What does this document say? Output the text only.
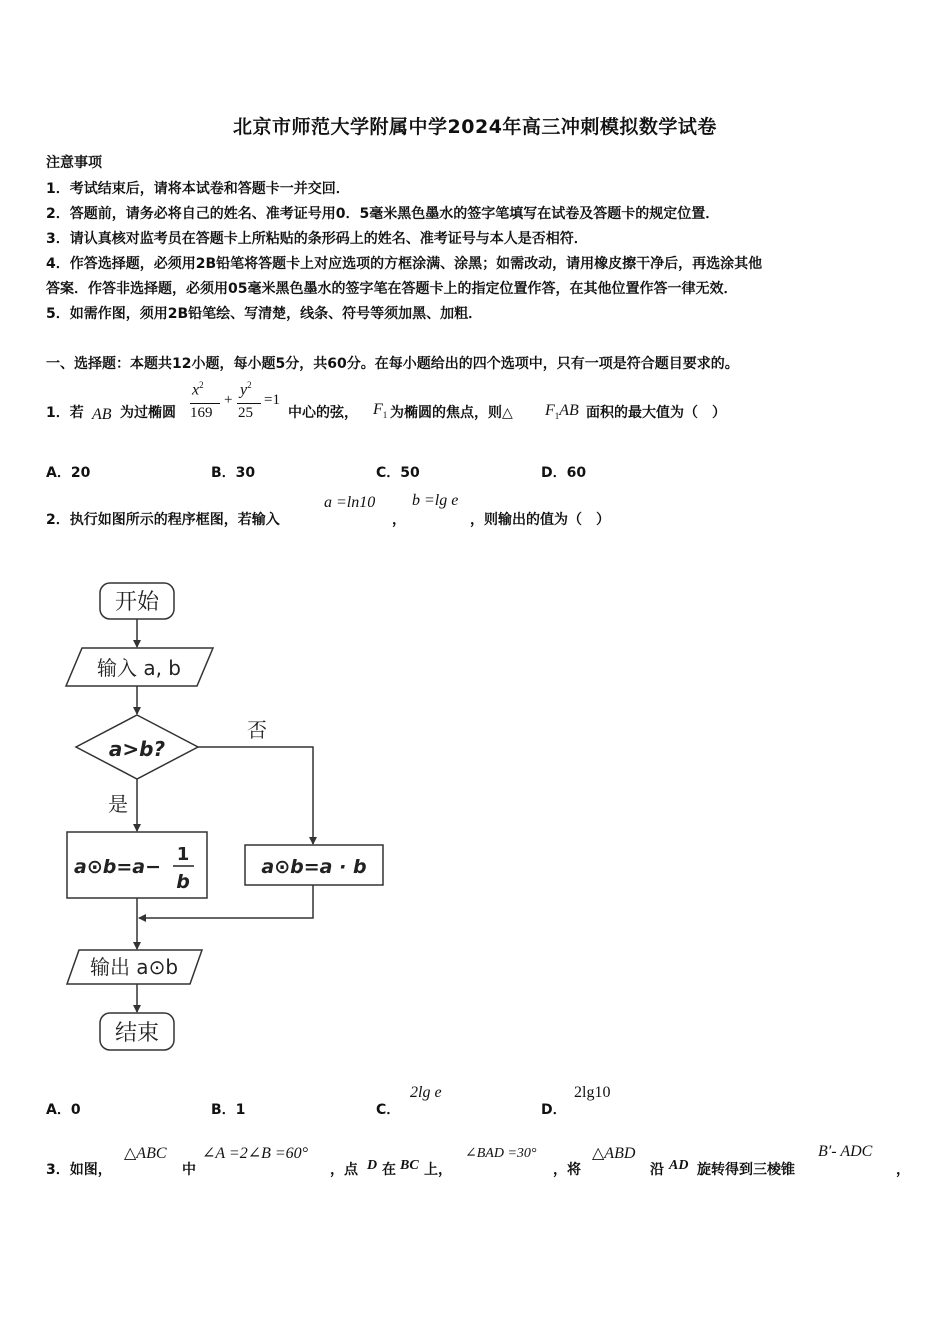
北京市师范大学附属中学2024年高三冲刺模拟数学试卷
注意事项
1．考试结束后，请将本试卷和答题卡一并交回．
2．答题前，请务必将自己的姓名、准考证号用0．5毫米黑色墨水的签字笔填写在试卷及答题卡的规定位置．
3．请认真核对监考员在答题卡上所粘贴的条形码上的姓名、准考证号与本人是否相符．
4．作答选择题，必须用2B铅笔将答题卡上对应选项的方框涂满、涂黑；如需改动，请用橡皮擦干净后，再选涂其他
答案．作答非选择题，必须用05毫米黑色墨水的签字笔在答题卡上的指定位置作答，在其他位置作答一律无效．
5．如需作图，须用2B铅笔绘、写清楚，线条、符号等须加黑、加粗．
一、选择题：本题共12小题，每小题5分，共60分。在每小题给出的四个选项中，只有一项是符合题目要求的。
1．若 AB 为过椭圆
$x^2$
169
+
$y^2$
25
=1
中心的弦， $F_1$ 为椭圆的焦点，则△ $F_1AB$ 面积的最大值为（　）
A．20	B．30	C．50	D．60
2．执行如图所示的程序框图，若输入
a =ln10
，
b =lg e
，则输出的值为（　）
开始
输入 a, b
a>b?
否
是
a⊙b=a−
1
b
a⊙b=a · b
输出 a⊙b
结束
A．0	B．1	C．
2lg e
D．
2lg10
3．如图，
△ABC
中
∠A =2∠B =60°
，点 D 在 BC 上，
∠BAD =30°
，将
△ABD
沿 AD 旋转得到三棱锥
B′- ADC
，
